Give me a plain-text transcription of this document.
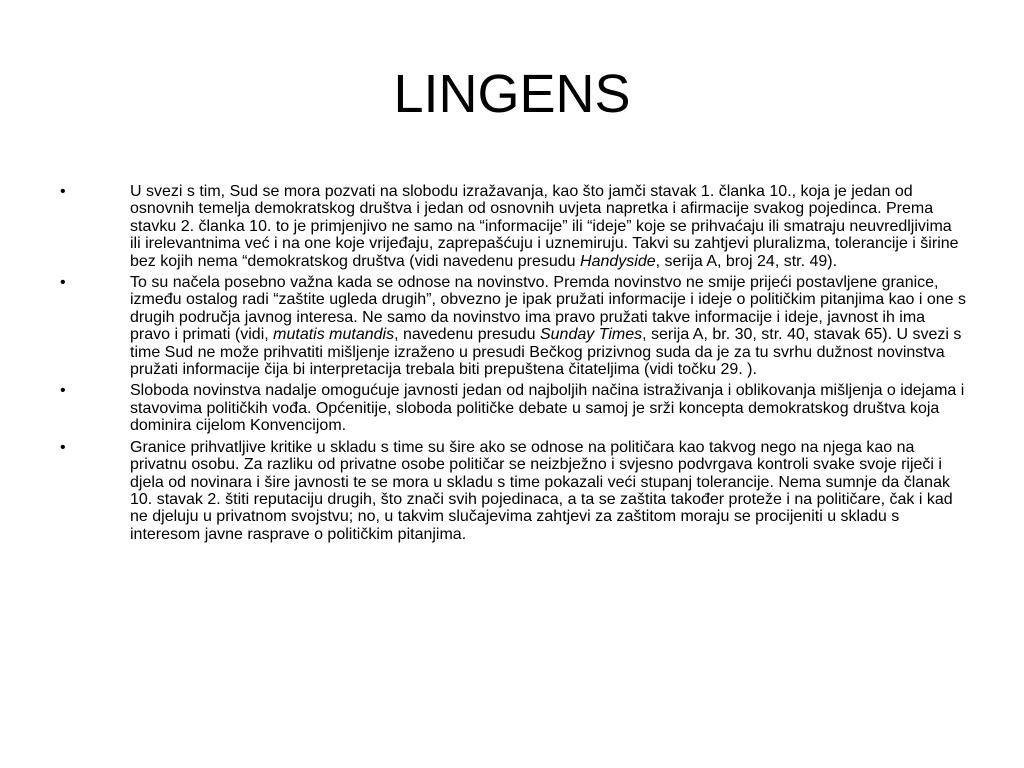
LINGENS
•	U svezi s tim, Sud se mora pozvati na slobodu izražavanja, kao što jamči stavak 1. članka 10., koja je jedan od osnovnih temelja demokratskog društva i jedan od osnovnih uvjeta napretka i afirmacije svakog pojedinca. Prema stavku 2. članka 10. to je primjenjivo ne samo na “informacije” ili “ideje” koje se prihvaćaju ili smatraju neuvredljivima ili irelevantnima već i na one koje vrijeđaju, zaprepašćuju i uznemiruju. Takvi su zahtjevi pluralizma, tolerancije i širine bez kojih nema “demokratskog društva (vidi navedenu presudu Handyside, serija A, broj 24, str. 49).
•	To su načela posebno važna kada se odnose na novinstvo. Premda novinstvo ne smije prijeći postavljene granice, između ostalog radi “zaštite ugleda drugih”, obvezno je ipak pružati informacije i ideje o političkim pitanjima kao i one s drugih područja javnog interesa. Ne samo da novinstvo ima pravo pružati takve informacije i ideje, javnost ih ima pravo i primati (vidi, mutatis mutandis, navedenu presudu Sunday Times, serija A, br. 30, str. 40, stavak 65). U svezi s time Sud ne može prihvatiti mišljenje izraženo u presudi Bečkog prizivnog suda da je za tu svrhu dužnost novinstva pružati informacije čija bi interpretacija trebala biti prepuštena čitateljima (vidi točku 29. ).
•	Sloboda novinstva nadalje omogućuje javnosti jedan od najboljih načina istraživanja i oblikovanja mišljenja o idejama i stavovima političkih vođa. Općenitije, sloboda političke debate u samoj je srži koncepta demokratskog društva koja dominira cijelom Konvencijom.
•	Granice prihvatljive kritike u skladu s time su šire ako se odnose na političara kao takvog nego na njega kao na privatnu osobu. Za razliku od privatne osobe političar se neizbježno i svjesno podvrgava kontroli svake svoje riječi i djela od novinara i šire javnosti te se mora u skladu s time pokazali veći stupanj tolerancije. Nema sumnje da članak 10. stavak 2. štiti reputaciju drugih, što znači svih pojedinaca, a ta se zaštita također proteže i na političare, čak i kad ne djeluju u privatnom svojstvu; no, u takvim slučajevima zahtjevi za zaštitom moraju se procijeniti u skladu s interesom javne rasprave o političkim pitanjima.
